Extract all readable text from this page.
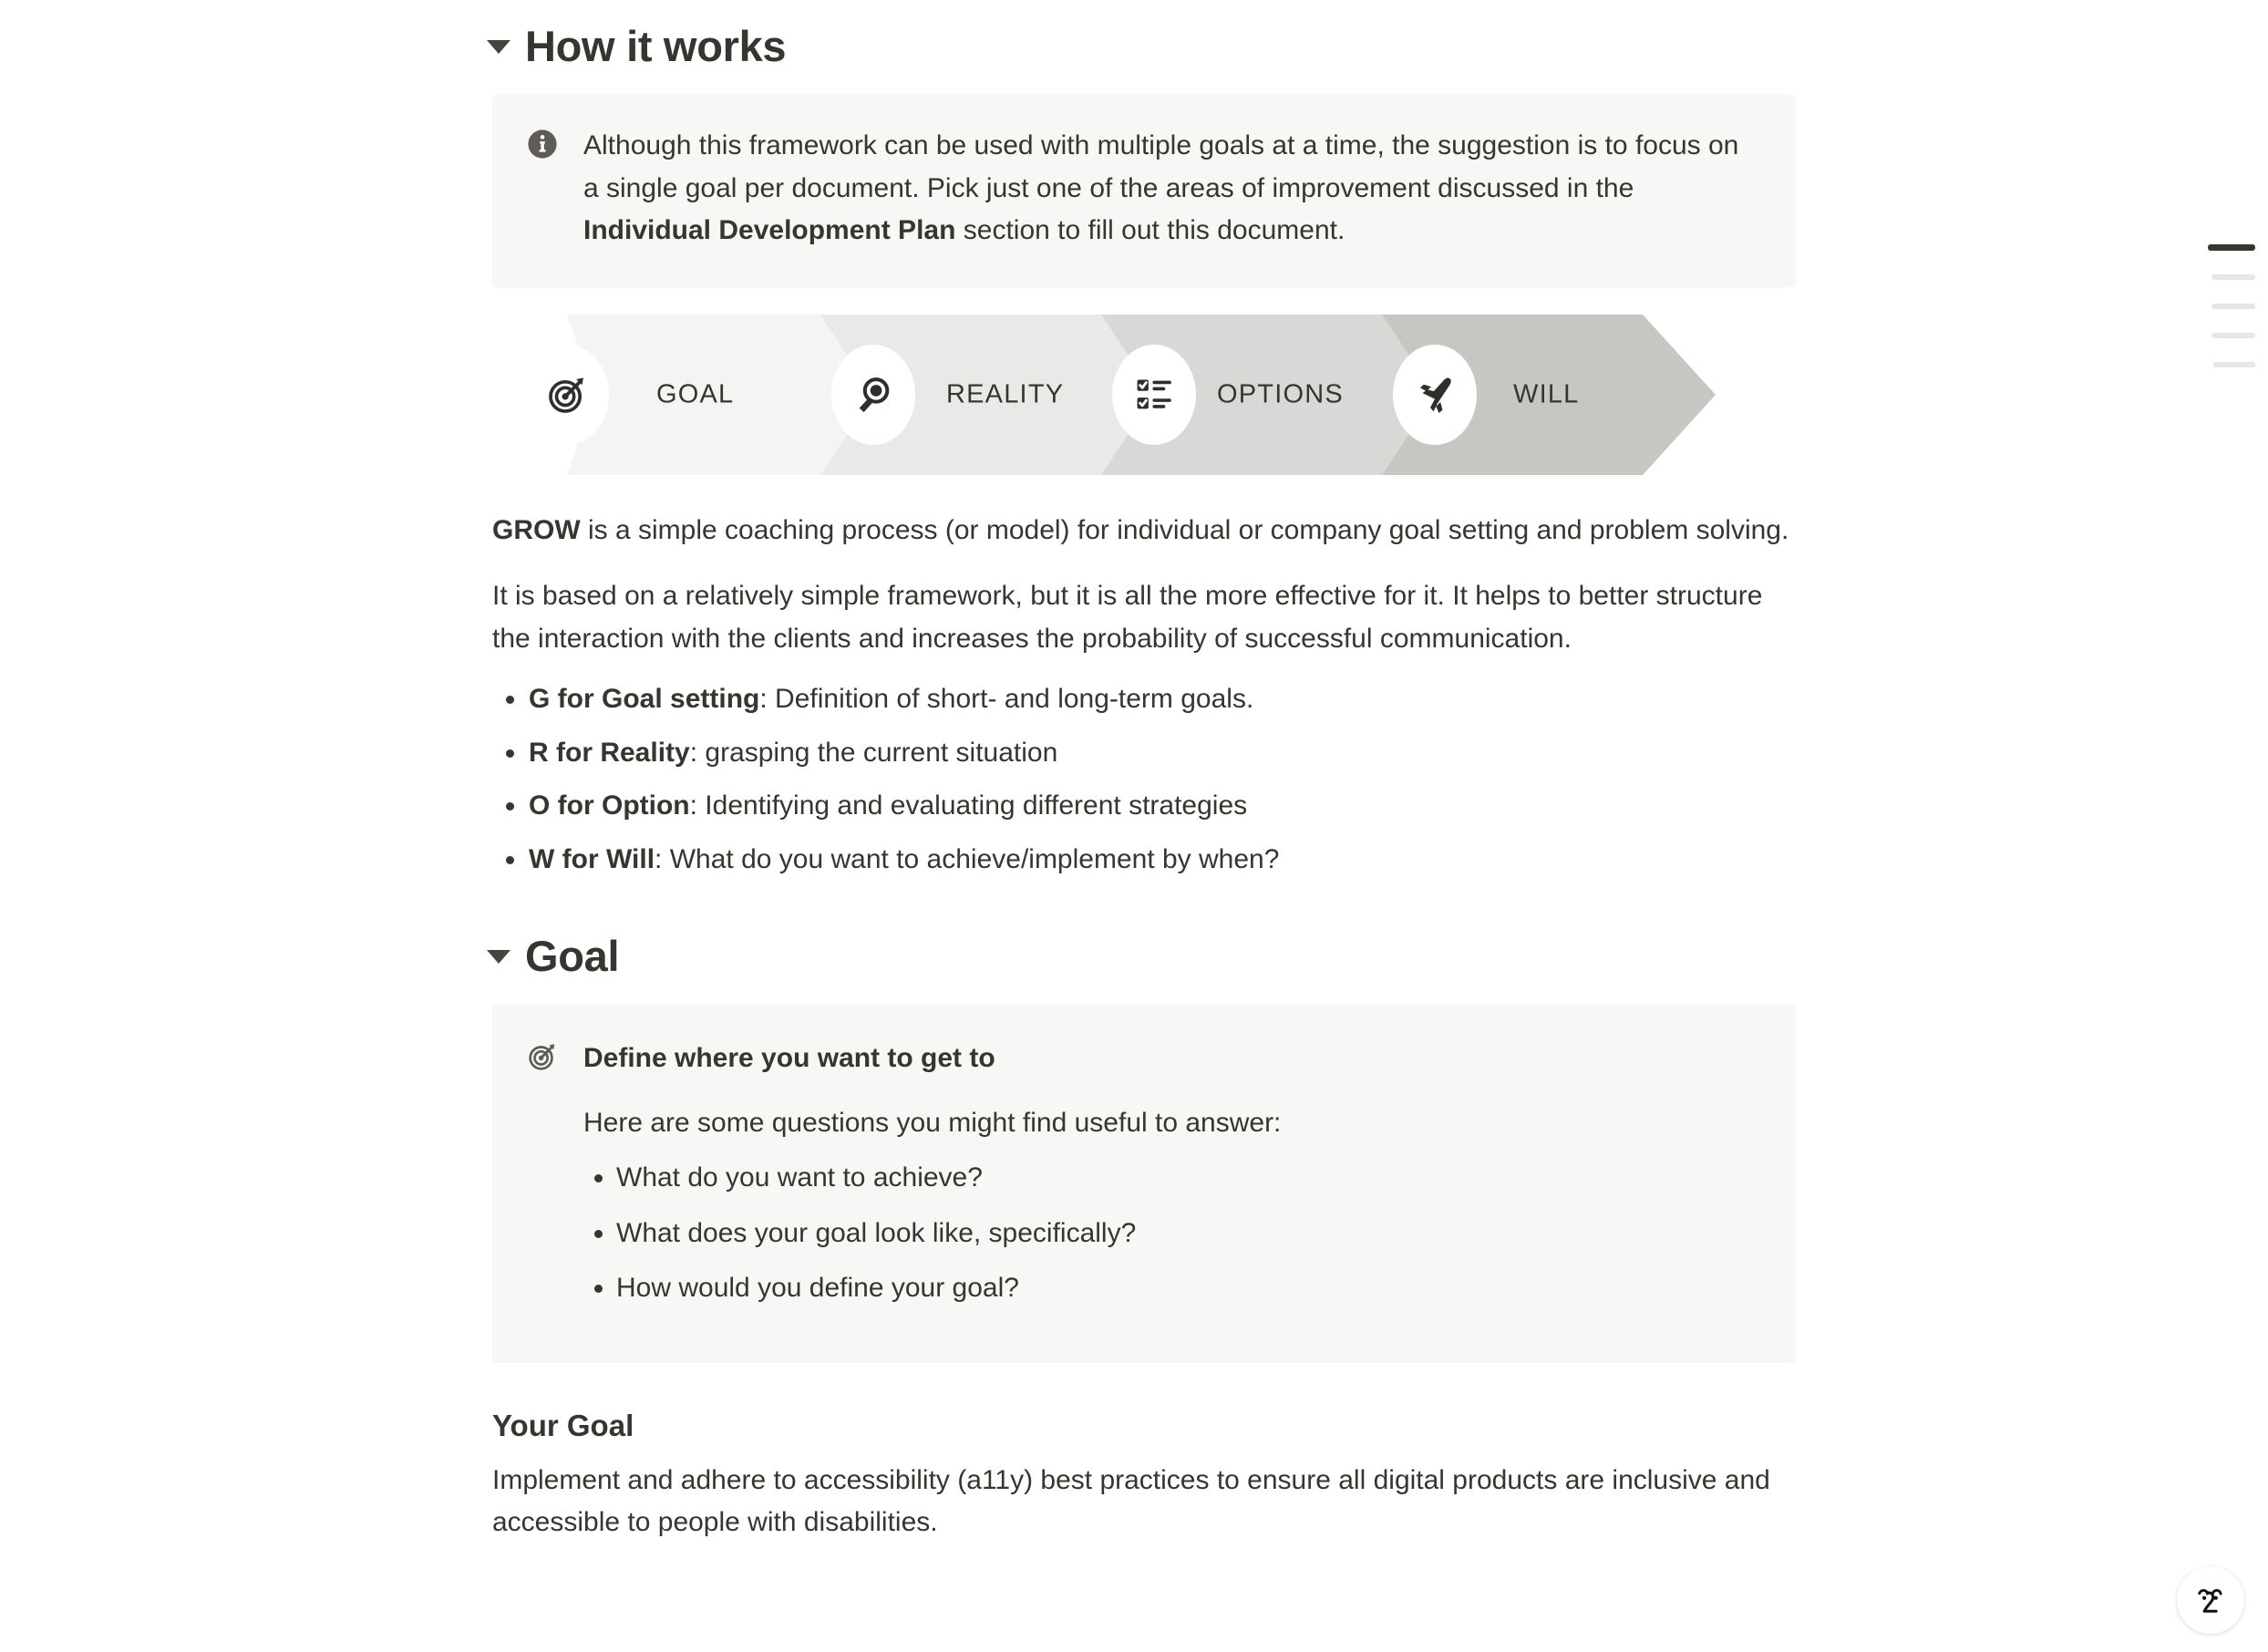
How it works

Although this framework can be used with multiple goals at a time, the suggestion is to focus on a single goal per document. Pick just one of the areas of improvement discussed in the Individual Development Plan section to fill out this document.

GOAL	REALITY	OPTIONS	WILL

GROW is a simple coaching process (or model) for individual or company goal setting and problem solving.

It is based on a relatively simple framework, but it is all the more effective for it. It helps to better structure the interaction with the clients and increases the probability of successful communication.

G for Goal setting: Definition of short- and long-term goals.
R for Reality: grasping the current situation
O for Option: Identifying and evaluating different strategies
W for Will: What do you want to achieve/implement by when?
Goal

Define where you want to get to

Here are some questions you might find useful to answer:

What do you want to achieve?
What does your goal look like, specifically?
How would you define your goal?
Your Goal

Implement and adhere to accessibility (a11y) best practices to ensure all digital products are inclusive and accessible to people with disabilities.
